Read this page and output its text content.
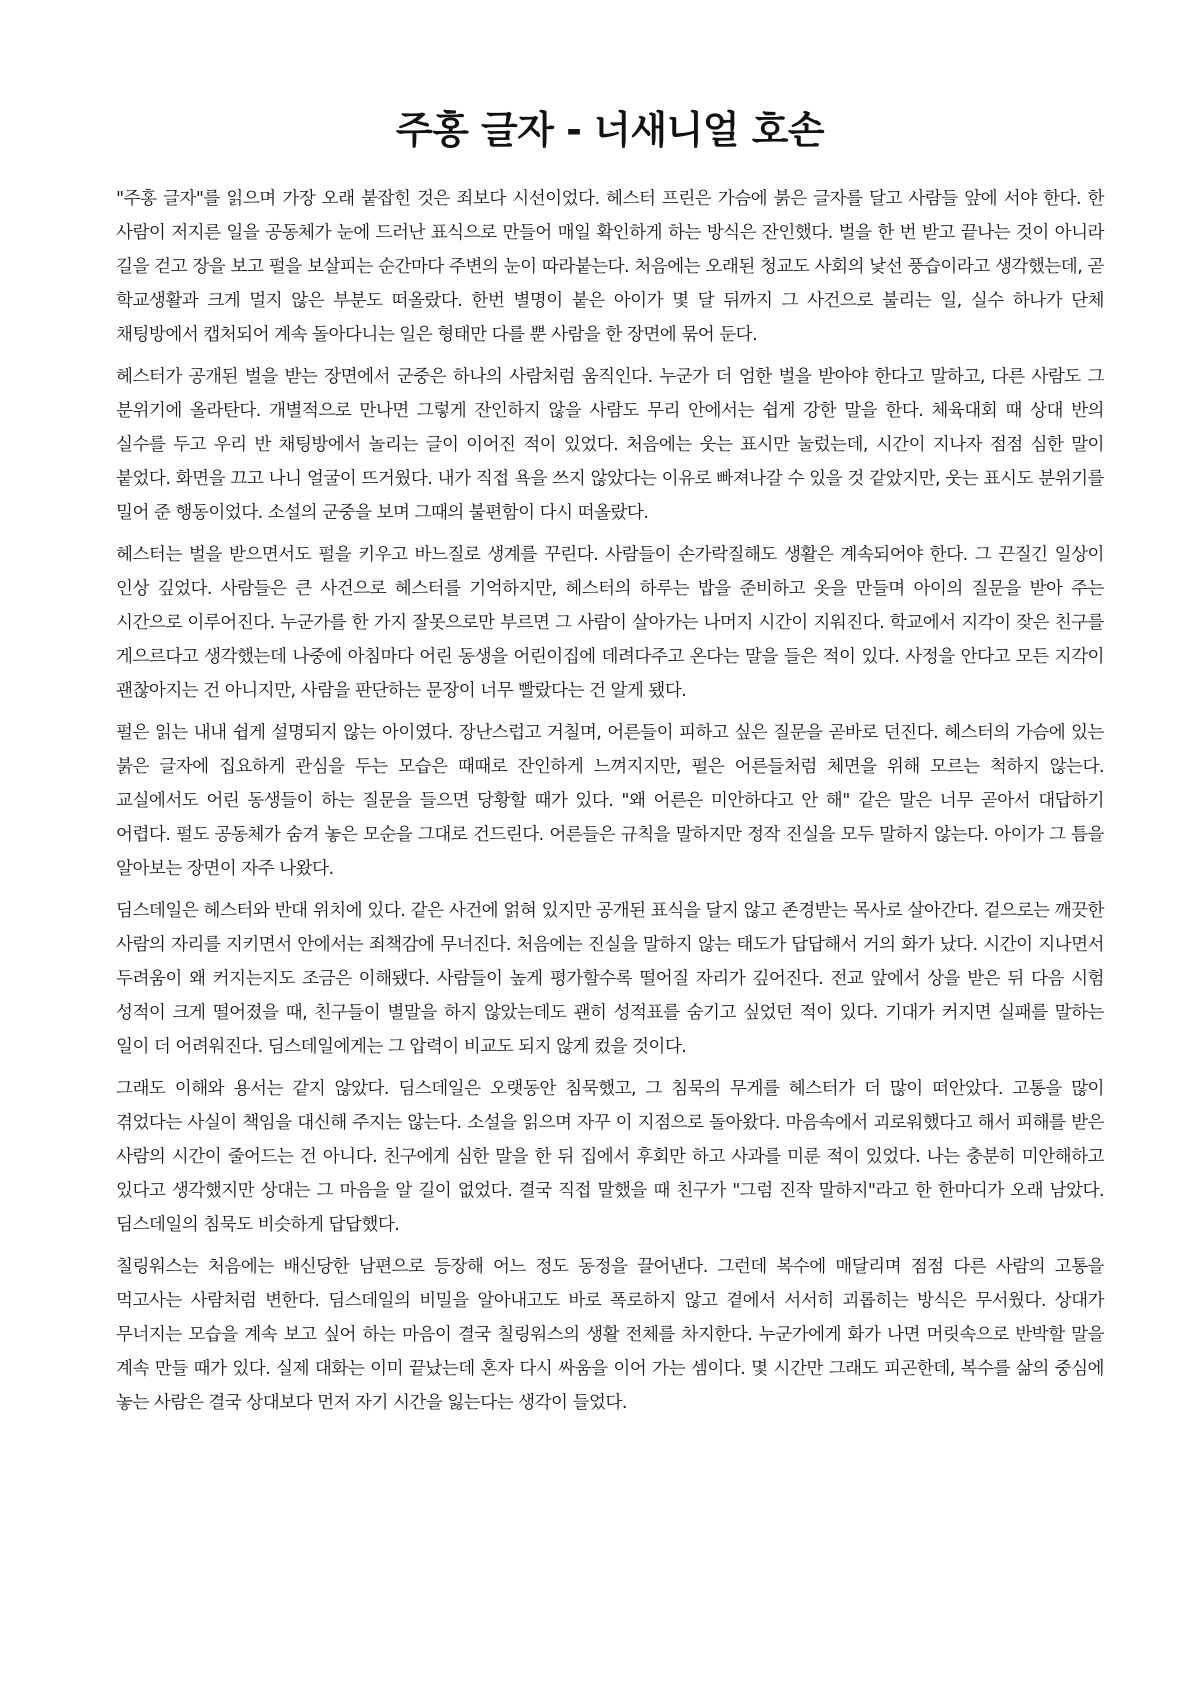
주홍 글자 - 너새니얼 호손

"주홍 글자"를 읽으며 가장 오래 붙잡힌 것은 죄보다 시선이었다. 헤스터 프린은 가슴에 붉은 글자를 달고 사람들 앞에 서야 한다. 한 사람이 저지른 일을 공동체가 눈에 드러난 표식으로 만들어 매일 확인하게 하는 방식은 잔인했다. 벌을 한 번 받고 끝나는 것이 아니라 길을 걷고 장을 보고 펄을 보살피는 순간마다 주변의 눈이 따라붙는다. 처음에는 오래된 청교도 사회의 낯선 풍습이라고 생각했는데, 곧 학교생활과 크게 멀지 않은 부분도 떠올랐다. 한번 별명이 붙은 아이가 몇 달 뒤까지 그 사건으로 불리는 일, 실수 하나가 단체 채팅방에서 캡처되어 계속 돌아다니는 일은 형태만 다를 뿐 사람을 한 장면에 묶어 둔다.

헤스터가 공개된 벌을 받는 장면에서 군중은 하나의 사람처럼 움직인다. 누군가 더 엄한 벌을 받아야 한다고 말하고, 다른 사람도 그 분위기에 올라탄다. 개별적으로 만나면 그렇게 잔인하지 않을 사람도 무리 안에서는 쉽게 강한 말을 한다. 체육대회 때 상대 반의 실수를 두고 우리 반 채팅방에서 놀리는 글이 이어진 적이 있었다. 처음에는 웃는 표시만 눌렀는데, 시간이 지나자 점점 심한 말이 붙었다. 화면을 끄고 나니 얼굴이 뜨거웠다. 내가 직접 욕을 쓰지 않았다는 이유로 빠져나갈 수 있을 것 같았지만, 웃는 표시도 분위기를 밀어 준 행동이었다. 소설의 군중을 보며 그때의 불편함이 다시 떠올랐다.

헤스터는 벌을 받으면서도 펄을 키우고 바느질로 생계를 꾸린다. 사람들이 손가락질해도 생활은 계속되어야 한다. 그 끈질긴 일상이 인상 깊었다. 사람들은 큰 사건으로 헤스터를 기억하지만, 헤스터의 하루는 밥을 준비하고 옷을 만들며 아이의 질문을 받아 주는 시간으로 이루어진다. 누군가를 한 가지 잘못으로만 부르면 그 사람이 살아가는 나머지 시간이 지워진다. 학교에서 지각이 잦은 친구를 게으르다고 생각했는데 나중에 아침마다 어린 동생을 어린이집에 데려다주고 온다는 말을 들은 적이 있다. 사정을 안다고 모든 지각이 괜찮아지는 건 아니지만, 사람을 판단하는 문장이 너무 빨랐다는 건 알게 됐다.

펄은 읽는 내내 쉽게 설명되지 않는 아이였다. 장난스럽고 거칠며, 어른들이 피하고 싶은 질문을 곧바로 던진다. 헤스터의 가슴에 있는 붉은 글자에 집요하게 관심을 두는 모습은 때때로 잔인하게 느껴지지만, 펄은 어른들처럼 체면을 위해 모르는 척하지 않는다. 교실에서도 어린 동생들이 하는 질문을 들으면 당황할 때가 있다. "왜 어른은 미안하다고 안 해" 같은 말은 너무 곧아서 대답하기 어렵다. 펄도 공동체가 숨겨 놓은 모순을 그대로 건드린다. 어른들은 규칙을 말하지만 정작 진실을 모두 말하지 않는다. 아이가 그 틈을 알아보는 장면이 자주 나왔다.

딤스데일은 헤스터와 반대 위치에 있다. 같은 사건에 얽혀 있지만 공개된 표식을 달지 않고 존경받는 목사로 살아간다. 겉으로는 깨끗한 사람의 자리를 지키면서 안에서는 죄책감에 무너진다. 처음에는 진실을 말하지 않는 태도가 답답해서 거의 화가 났다. 시간이 지나면서 두려움이 왜 커지는지도 조금은 이해됐다. 사람들이 높게 평가할수록 떨어질 자리가 깊어진다. 전교 앞에서 상을 받은 뒤 다음 시험 성적이 크게 떨어졌을 때, 친구들이 별말을 하지 않았는데도 괜히 성적표를 숨기고 싶었던 적이 있다. 기대가 커지면 실패를 말하는 일이 더 어려워진다. 딤스데일에게는 그 압력이 비교도 되지 않게 컸을 것이다.

그래도 이해와 용서는 같지 않았다. 딤스데일은 오랫동안 침묵했고, 그 침묵의 무게를 헤스터가 더 많이 떠안았다. 고통을 많이 겪었다는 사실이 책임을 대신해 주지는 않는다. 소설을 읽으며 자꾸 이 지점으로 돌아왔다. 마음속에서 괴로워했다고 해서 피해를 받은 사람의 시간이 줄어드는 건 아니다. 친구에게 심한 말을 한 뒤 집에서 후회만 하고 사과를 미룬 적이 있었다. 나는 충분히 미안해하고 있다고 생각했지만 상대는 그 마음을 알 길이 없었다. 결국 직접 말했을 때 친구가 "그럼 진작 말하지"라고 한 한마디가 오래 남았다. 딤스데일의 침묵도 비슷하게 답답했다.

칠링워스는 처음에는 배신당한 남편으로 등장해 어느 정도 동정을 끌어낸다. 그런데 복수에 매달리며 점점 다른 사람의 고통을 먹고사는 사람처럼 변한다. 딤스데일의 비밀을 알아내고도 바로 폭로하지 않고 곁에서 서서히 괴롭히는 방식은 무서웠다. 상대가 무너지는 모습을 계속 보고 싶어 하는 마음이 결국 칠링워스의 생활 전체를 차지한다. 누군가에게 화가 나면 머릿속으로 반박할 말을 계속 만들 때가 있다. 실제 대화는 이미 끝났는데 혼자 다시 싸움을 이어 가는 셈이다. 몇 시간만 그래도 피곤한데, 복수를 삶의 중심에 놓는 사람은 결국 상대보다 먼저 자기 시간을 잃는다는 생각이 들었다.
